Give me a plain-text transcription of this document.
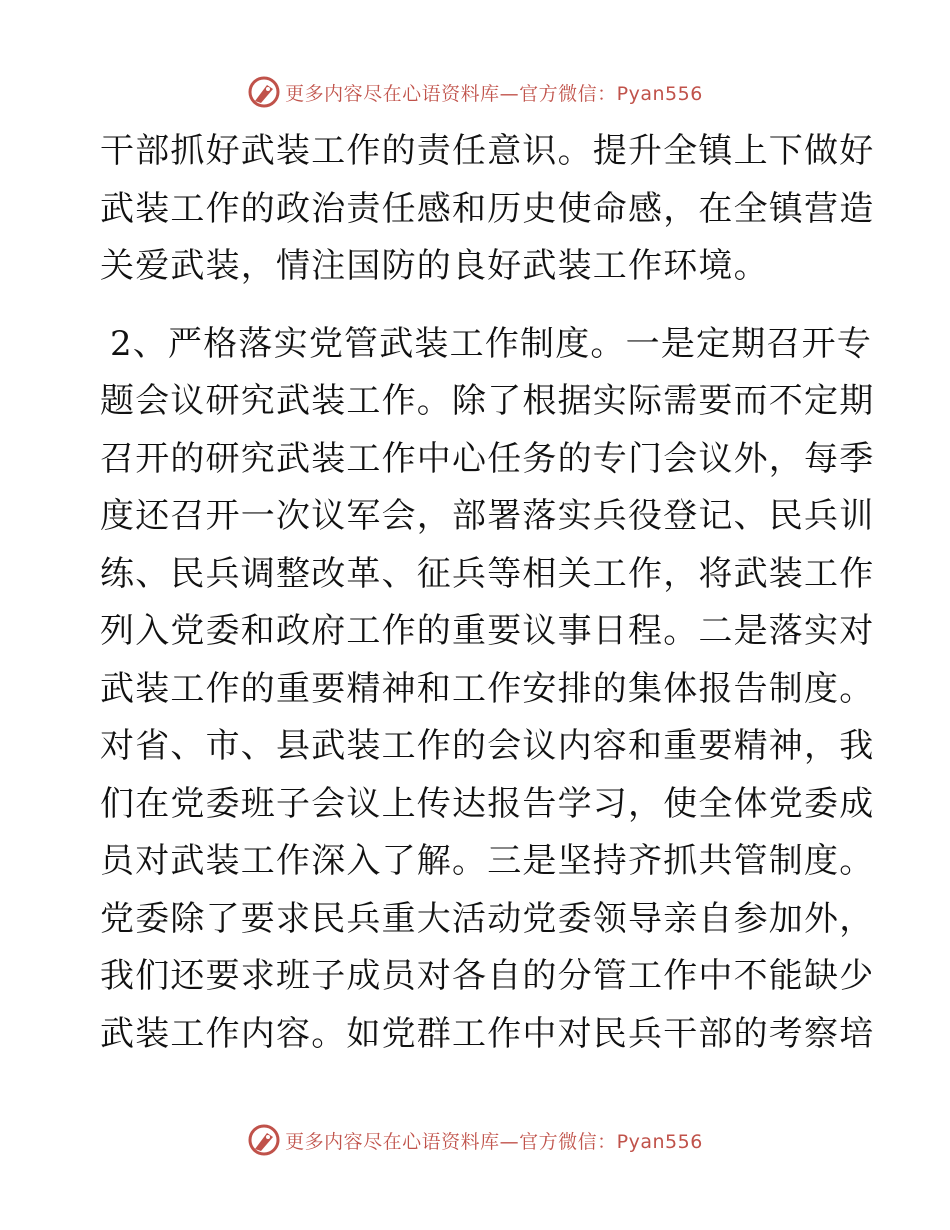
更多内容尽在心语资料库—官方微信：Pyan556
干部抓好武装工作的责任意识。提升全镇上下做好
武装工作的政治责任感和历史使命感，在全镇营造
关爱武装，情注国防的良好武装工作环境。
2、严格落实党管武装工作制度。一是定期召开专
题会议研究武装工作。除了根据实际需要而不定期
召开的研究武装工作中心任务的专门会议外，每季
度还召开一次议军会，部署落实兵役登记、民兵训
练、民兵调整改革、征兵等相关工作，将武装工作
列入党委和政府工作的重要议事日程。二是落实对
武装工作的重要精神和工作安排的集体报告制度。
对省、市、县武装工作的会议内容和重要精神，我
们在党委班子会议上传达报告学习，使全体党委成
员对武装工作深入了解。三是坚持齐抓共管制度。
党委除了要求民兵重大活动党委领导亲自参加外，
我们还要求班子成员对各自的分管工作中不能缺少
武装工作内容。如党群工作中对民兵干部的考察培
更多内容尽在心语资料库—官方微信：Pyan556
